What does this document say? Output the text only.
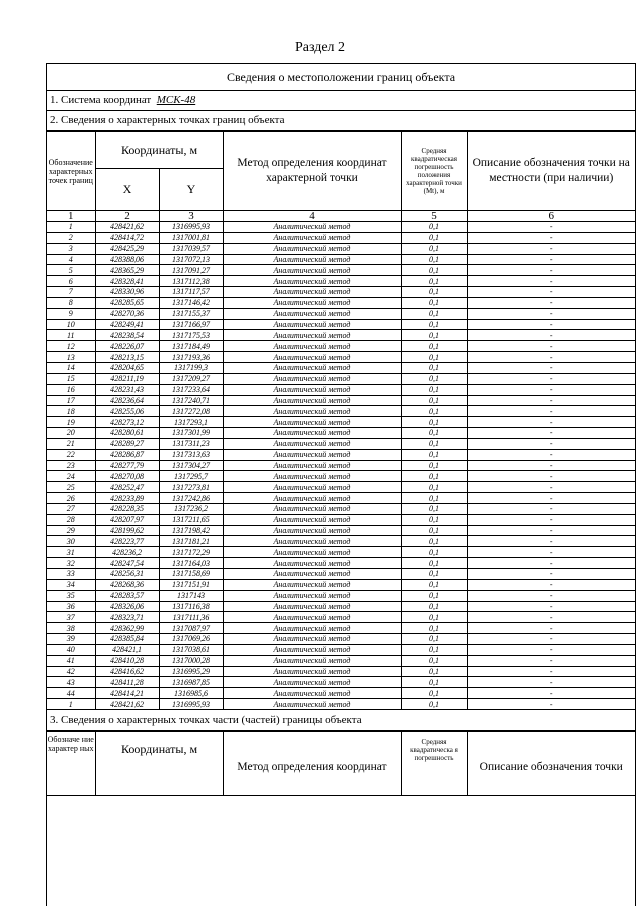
Раздел 2
Сведения о местоположении границ объекта
1. Система координат МСК-48
2. Сведения о характерных точках границ объекта
Обозначение характерных точек границ	Координаты, м		Метод определения координат характерной точки	Средняя квадратическая погрешность положения характерной точки (Mt), м	Описание обозначения точки на местности (при наличии)
	X	Y			
1	2	3	4	5	6
1	428421,62	1316995,93	Аналитический метод	0,1	-
2	428414,72	1317001,81	Аналитический метод	0,1	-
3	428425,29	1317039,57	Аналитический метод	0,1	-
4	428388,06	1317072,13	Аналитический метод	0,1	-
5	428365,29	1317091,27	Аналитический метод	0,1	-
6	428328,41	1317112,38	Аналитический метод	0,1	-
7	428330,96	1317117,57	Аналитический метод	0,1	-
8	428285,65	1317146,42	Аналитический метод	0,1	-
9	428270,36	1317155,37	Аналитический метод	0,1	-
10	428249,41	1317166,97	Аналитический метод	0,1	-
11	428238,54	1317175,53	Аналитический метод	0,1	-
12	428226,07	1317184,49	Аналитический метод	0,1	-
13	428213,15	1317193,36	Аналитический метод	0,1	-
14	428204,65	1317199,3	Аналитический метод	0,1	-
15	428211,19	1317209,27	Аналитический метод	0,1	-
16	428231,43	1317233,64	Аналитический метод	0,1	-
17	428236,64	1317240,71	Аналитический метод	0,1	-
18	428255,06	1317272,08	Аналитический метод	0,1	-
19	428273,12	1317293,1	Аналитический метод	0,1	-
20	428280,61	1317301,99	Аналитический метод	0,1	-
21	428289,27	1317311,23	Аналитический метод	0,1	-
22	428286,87	1317313,63	Аналитический метод	0,1	-
23	428277,79	1317304,27	Аналитический метод	0,1	-
24	428270,08	1317295,7	Аналитический метод	0,1	-
25	428252,47	1317273,81	Аналитический метод	0,1	-
26	428233,89	1317242,86	Аналитический метод	0,1	-
27	428228,35	1317236,2	Аналитический метод	0,1	-
28	428207,97	1317211,65	Аналитический метод	0,1	-
29	428199,62	1317198,42	Аналитический метод	0,1	-
30	428223,77	1317181,21	Аналитический метод	0,1	-
31	428236,2	1317172,29	Аналитический метод	0,1	-
32	428247,54	1317164,03	Аналитический метод	0,1	-
33	428256,31	1317158,69	Аналитический метод	0,1	-
34	428268,36	1317151,91	Аналитический метод	0,1	-
35	428283,57	1317143	Аналитический метод	0,1	-
36	428326,06	1317116,38	Аналитический метод	0,1	-
37	428323,71	1317111,36	Аналитический метод	0,1	-
38	428362,99	1317087,97	Аналитический метод	0,1	-
39	428385,84	1317069,26	Аналитический метод	0,1	-
40	428421,1	1317038,61	Аналитический метод	0,1	-
41	428410,28	1317000,28	Аналитический метод	0,1	-
42	428416,62	1316995,29	Аналитический метод	0,1	-
43	428411,28	1316987,85	Аналитический метод	0,1	-
44	428414,21	1316985,6	Аналитический метод	0,1	-
1	428421,62	1316995,93	Аналитический метод	0,1	-
3. Сведения о характерных точках части (частей) границы объекта
Обозначе ние характер ных	Координаты, м	Метод определения координат	Средняя квадратическа я погрешность	Описание обозначения точки
